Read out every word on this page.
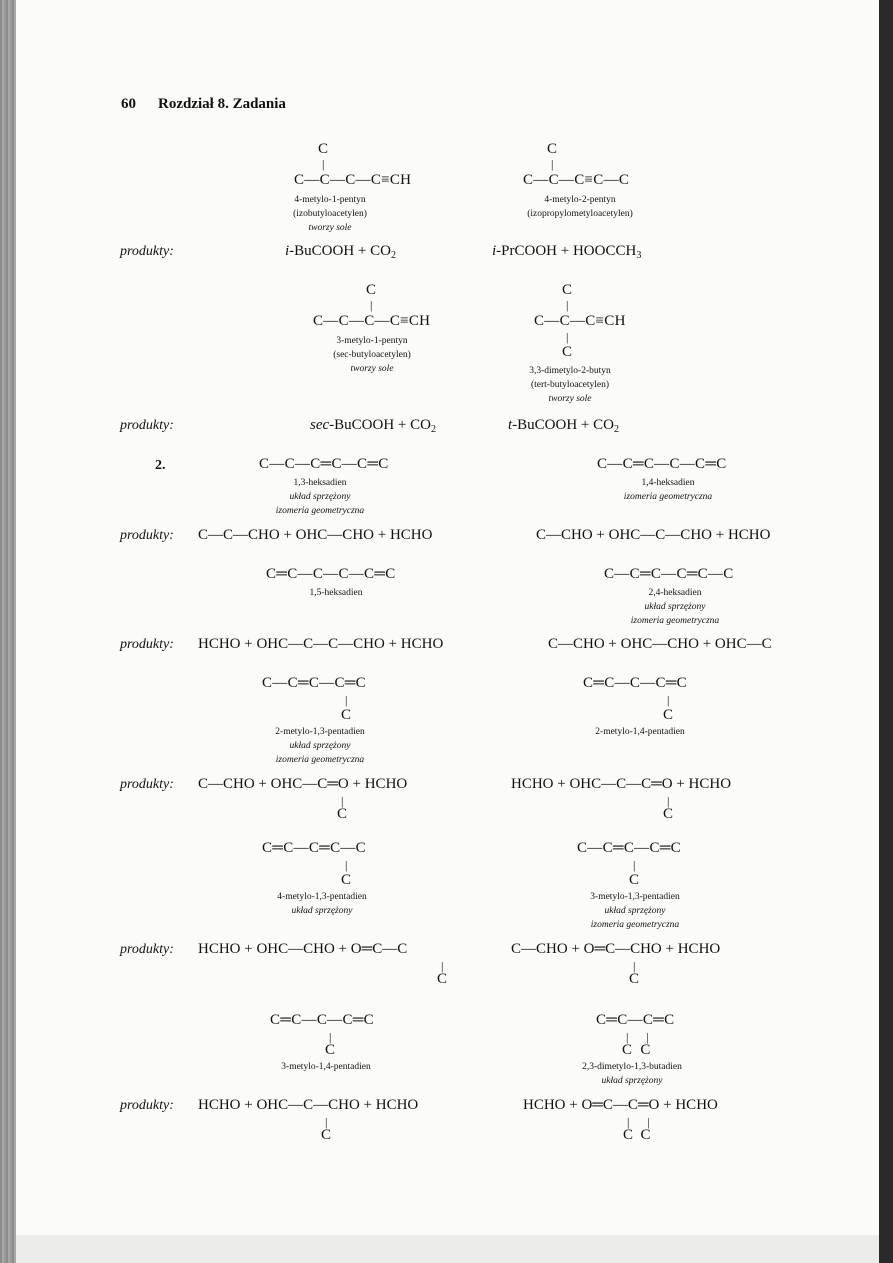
60 Rozdział 8. Zadania
C
|
C—C—C—C≡CH
4-metylo-1-pentyn
(izobutyloacetylen)
tworzy sole
C
|
C—C—C≡C—C
4-metylo-2-pentyn
(izopropylometyloacetylen)
produkty:	i-BuCOOH + $CO_2$	i-PrCOOH + $HOOCCH_3$
C
|
C—C—C—C≡CH
3-metylo-1-pentyn
(sec-butyloacetylen)
tworzy sole
C
|
C—C—C≡CH
|
C
3,3-dimetylo-2-butyn
(tert-butyloacetylen)
tworzy sole
produkty:	sec-BuCOOH + $CO_2$	t-BuCOOH + $CO_2$
2.	C—C—C═C—C═C
1,3-heksadien
układ sprzężony
izomeria geometryczna
C—C═C—C—C═C
1,4-heksadien
izomeria geometryczna
produkty: C—C—CHO + OHC—CHO + HCHO	C—CHO + OHC—C—CHO + HCHO
C═C—C—C—C═C
1,5-heksadien
C—C═C—C═C—C
2,4-heksadien
układ sprzężony
izomeria geometryczna
produkty: HCHO + OHC—C—C—CHO + HCHO	C—CHO + OHC—CHO + OHC—C
C—C═C—C═C
|
C
2-metylo-1,3-pentadien
układ sprzężony
izomeria geometryczna
C═C—C—C═C
|
C
2-metylo-1,4-pentadien
produkty: C—CHO + OHC—C═O + HCHO
|
C
HCHO + OHC—C—C═O + HCHO
|
C
C═C—C═C—C
|
C
4-metylo-1,3-pentadien
układ sprzężony
C—C═C—C═C
|
C
3-metylo-1,3-pentadien
układ sprzężony
izomeria geometryczna
produkty: HCHO + OHC—CHO + O═C—C
|
C
C—CHO + O═C—CHO + HCHO
|
C
C═C—C—C═C
|
C
3-metylo-1,4-pentadien
C═C—C═C
|      |
C  C
2,3-dimetylo-1,3-butadien
układ sprzężony
produkty: HCHO + OHC—C—CHO + HCHO
|
C
HCHO + O═C—C═O + HCHO
|      |
C  C
